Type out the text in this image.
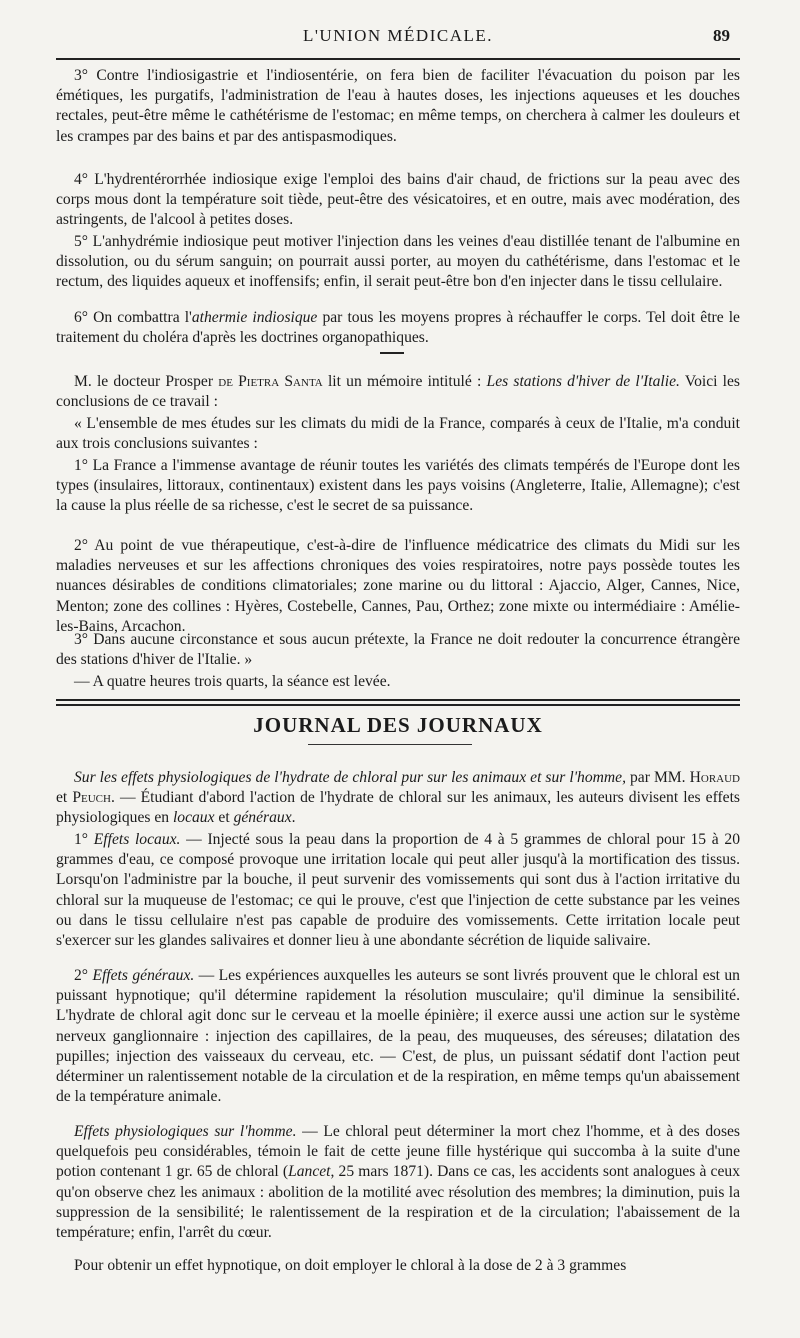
L'UNION MÉDICALE.	89

3° Contre l'indiosigastrie et l'indiosentérie, on fera bien de faciliter l'évacuation du poison par les émétiques, les purgatifs, l'administration de l'eau à hautes doses, les injections aqueuses et les douches rectales, peut-être même le cathétérisme de l'estomac; en même temps, on cherchera à calmer les douleurs et les crampes par des bains et par des antispasmodiques.

4° L'hydrentérorrhée indiosique exige l'emploi des bains d'air chaud, de frictions sur la peau avec des corps mous dont la température soit tiède, peut-être des vésicatoires, et en outre, mais avec modération, des astringents, de l'alcool à petites doses.

5° L'anhydrémie indiosique peut motiver l'injection dans les veines d'eau distillée tenant de l'albumine en dissolution, ou du sérum sanguin; on pourrait aussi porter, au moyen du cathétérisme, dans l'estomac et le rectum, des liquides aqueux et inoffensifs; enfin, il serait peut-être bon d'en injecter dans le tissu cellulaire.

6° On combattra l'athermie indiosique par tous les moyens propres à réchauffer le corps. Tel doit être le traitement du choléra d'après les doctrines organopathiques.

M. le docteur Prosper de Pietra Santa lit un mémoire intitulé : Les stations d'hiver de l'Italie. Voici les conclusions de ce travail :

« L'ensemble de mes études sur les climats du midi de la France, comparés à ceux de l'Italie, m'a conduit aux trois conclusions suivantes :

1° La France a l'immense avantage de réunir toutes les variétés des climats tempérés de l'Europe dont les types (insulaires, littoraux, continentaux) existent dans les pays voisins (Angleterre, Italie, Allemagne); c'est la cause la plus réelle de sa richesse, c'est le secret de sa puissance.

2° Au point de vue thérapeutique, c'est-à-dire de l'influence médicatrice des climats du Midi sur les maladies nerveuses et sur les affections chroniques des voies respiratoires, notre pays possède toutes les nuances désirables de conditions climatoriales; zone marine ou du littoral : Ajaccio, Alger, Cannes, Nice, Menton; zone des collines : Hyères, Costebelle, Cannes, Pau, Orthez; zone mixte ou intermédiaire : Amélie-les-Bains, Arcachon.

3° Dans aucune circonstance et sous aucun prétexte, la France ne doit redouter la concurrence étrangère des stations d'hiver de l'Italie. »

— A quatre heures trois quarts, la séance est levée.

JOURNAL DES JOURNAUX

Sur les effets physiologiques de l'hydrate de chloral pur sur les animaux et sur l'homme, par MM. Horaud et Peuch. — Étudiant d'abord l'action de l'hydrate de chloral sur les animaux, les auteurs divisent les effets physiologiques en locaux et généraux.

1° Effets locaux. — Injecté sous la peau dans la proportion de 4 à 5 grammes de chloral pour 15 à 20 grammes d'eau, ce composé provoque une irritation locale qui peut aller jusqu'à la mortification des tissus. Lorsqu'on l'administre par la bouche, il peut survenir des vomissements qui sont dus à l'action irritative du chloral sur la muqueuse de l'estomac; ce qui le prouve, c'est que l'injection de cette substance par les veines ou dans le tissu cellulaire n'est pas capable de produire des vomissements. Cette irritation locale peut s'exercer sur les glandes salivaires et donner lieu à une abondante sécrétion de liquide salivaire.

2° Effets généraux. — Les expériences auxquelles les auteurs se sont livrés prouvent que le chloral est un puissant hypnotique; qu'il détermine rapidement la résolution musculaire; qu'il diminue la sensibilité. L'hydrate de chloral agit donc sur le cerveau et la moelle épinière; il exerce aussi une action sur le système nerveux ganglionnaire : injection des capillaires, de la peau, des muqueuses, des séreuses; dilatation des pupilles; injection des vaisseaux du cerveau, etc. — C'est, de plus, un puissant sédatif dont l'action peut déterminer un ralentissement notable de la circulation et de la respiration, en même temps qu'un abaissement de la température animale.

Effets physiologiques sur l'homme. — Le chloral peut déterminer la mort chez l'homme, et à des doses quelquefois peu considérables, témoin le fait de cette jeune fille hystérique qui succomba à la suite d'une potion contenant 1 gr. 65 de chloral (Lancet, 25 mars 1871). Dans ce cas, les accidents sont analogues à ceux qu'on observe chez les animaux : abolition de la motilité avec résolution des membres; la diminution, puis la suppression de la sensibilité; le ralentissement de la respiration et de la circulation; l'abaissement de la température; enfin, l'arrêt du cœur.

Pour obtenir un effet hypnotique, on doit employer le chloral à la dose de 2 à 3 grammes
